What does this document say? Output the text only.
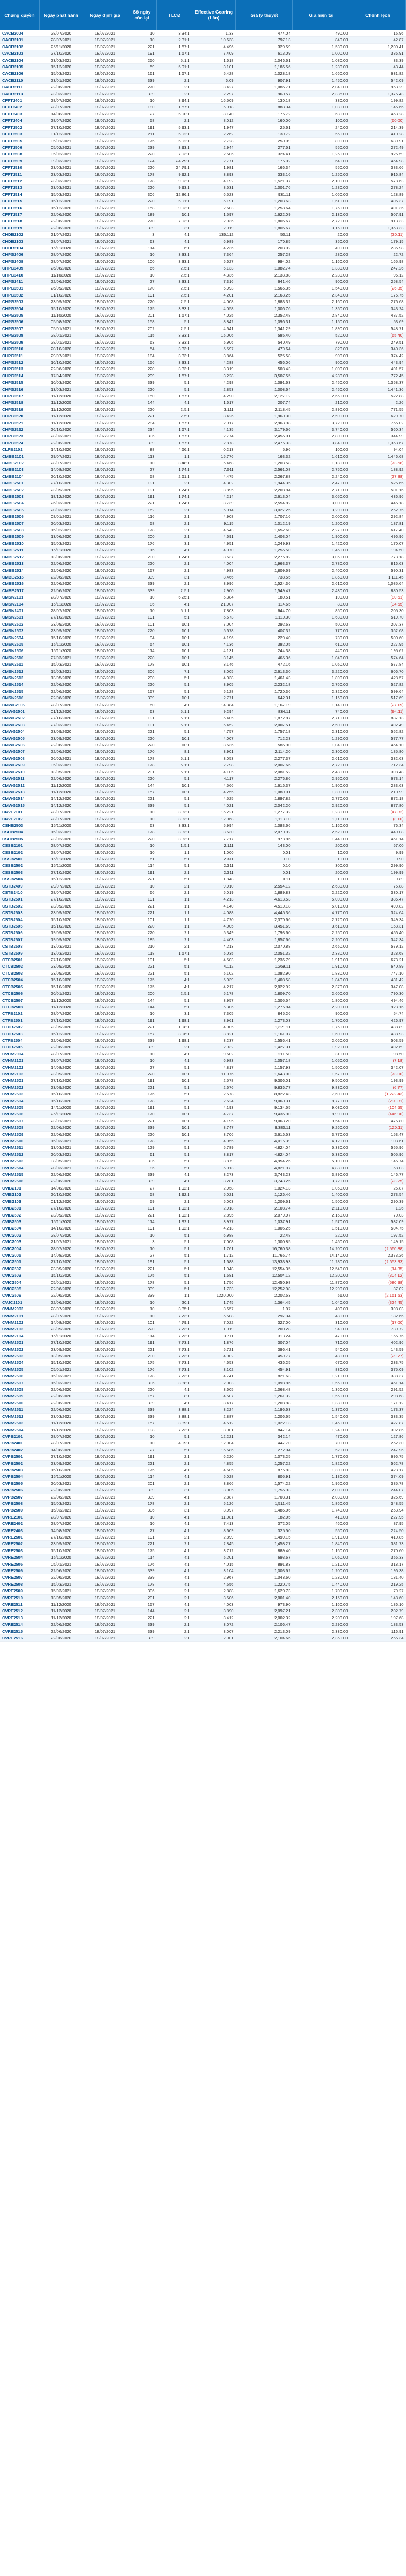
Chứng quyền	Ngày phát hành	Ngày định giá	Số ngày còn lại	TLCĐ	Effective Gearing (Lần)	Giá lý thuyết	Giá hiện tại	Chênh lệch
CACB2004	28/07/2020	18/07/2021	10	3.34:1	1.33	474.04	490.00	15.96
CACB2101	28/07/2021	18/07/2021	10	2.31:1	10.638	797.13	840.00	42.87
CACB2102	25/11/2020	18/07/2021	221	1.67:1	4.496	329.59	1,530.00	1,200.41
CACB2103	27/10/2020	18/07/2021	191	1.67:1	7.409	613.09	1,000.00	386.91
CACB2104	23/03/2021	18/07/2021	250	5.1:1	1.618	1,046.61	1,080.00	33.39
CACB2105	15/12/2020	18/07/2021	59	5.91:1	3.101	1,186.56	1,230.00	43.44
CACB2106	15/03/2021	18/07/2021	161	1.67:1	5.428	1,028.18	1,660.00	631.82
CACB2110	23/01/2020	18/07/2021	339	2:1	6.09	907.91	1,450.00	542.09
CACB2111	22/06/2020	18/07/2021	270	2:1	3.427	1,086.71	2,040.00	953.29
CACB2113	23/03/2021	18/07/2021	339	2:1	2.297	960.57	2,336.00	1,375.43
CFPT2401	28/07/2020	18/07/2021	10	3.94:1	16.509	130.18	330.00	199.82
CFPT2402	28/07/2020	18/07/2021	180	1.67:1	6.918	883.34	1,030.00	146.66
CFPT2403	14/08/2020	18/07/2021	27	5.90:1	8.140	176.72	630.00	453.28
CFPT2404	28/07/2020	18/07/2021	58	2:1	8.012	160.00	100.00	(60.00)
CFPT2502	27/10/2020	18/07/2021	191	5.93:1	1.947	25.61	240.00	214.39
CFPT2503	01/12/2020	18/07/2021	211	5.92:1	2.262	139.72	550.00	410.28
CFPT2505	05/01/2021	18/07/2021	175	5.92:1	2.728	250.09	890.00	639.91
CFPT2506	05/02/2021	18/07/2021	239	3.93:1	2.944	277.51	550.00	272.49
CFPT2508	05/02/2021	18/07/2021	220	7.93:1	2.506	324.41	1,250.00	925.59
CFPT2509	09/03/2021	18/07/2021	124	24.79:1	2.771	175.02	640.00	464.98
CFPT2510	23/03/2021	18/07/2021	220	24.79:1	1.981	166.34	550.00	383.66
CFPT2511	23/03/2021	18/07/2021	178	9.92:1	3.893	333.16	1,250.00	916.84
CFPT2512	23/03/2021	18/07/2021	178	9.93:1	4.192	1,521.37	2,100.00	578.63
CFPT2513	23/03/2021	18/07/2021	220	9.93:1	3.531	1,001.76	1,280.00	278.24
CFPT2514	15/03/2021	18/07/2021	306	12.86:1	6.523	931.11	1,060.00	128.89
CFPT2515	15/12/2020	18/07/2021	220	5.91:1	5.191	1,203.63	1,610.00	406.37
CFPT2516	15/12/2020	18/07/2021	158	9.93:1	2.603	1,258.64	1,750.00	491.36
CFPT2517	22/06/2020	18/07/2021	189	10:1	1.597	1,622.09	2,130.00	507.91
CFPT2518	22/06/2020	18/07/2021	270	7.93:1	2.036	1,806.67	2,720.00	913.33
CFPT2519	22/06/2020	18/07/2021	339	3:1	2.919	1,806.67	3,160.00	1,353.33
CHDB2102	21/07/2021	18/07/2021	3	4:1	136.112	50.11	20.00	(30.11)
CHDB2103	28/07/2021	18/07/2021	63	4:1	6.989	170.85	350.00	179.15
CHDB2104	15/11/2020	18/07/2021	114	6:1	4.236	203.02	490.00	286.98
CHPG2406	28/07/2020	18/07/2021	10	3.33:1	7.364	257.28	280.00	22.72
CHPG2408	28/07/2020	18/07/2021	100	3.33:1	5.627	994.02	1,160.00	165.98
CHPG2409	26/08/2020	18/07/2021	66	2.5:1	6.133	1,082.74	1,330.00	247.26
CHPG2410	11/10/2020	18/07/2021	10	2.5:1	4.336	2,133.88	2,230.00	96.12
CHPG2411	22/06/2020	18/07/2021	27	3.33:1	7.316	641.46	900.00	258.54
CHPG2501	26/09/2020	18/07/2021	170	2.5:1	6.993	1,566.35	1,540.00	(26.35)
CHPG2502	01/10/2020	18/07/2021	191	2.5:1	4.201	2,163.25	2,340.00	176.75
CHPG2503	23/09/2020	18/07/2021	220	2.5:1	4.008	1,883.32	2,160.00	276.68
CHPG2504	15/10/2020	18/07/2021	175	3.33:1	4.058	1,006.76	1,350.00	343.24
CHPG2505	11/10/2020	18/07/2021	201	1.67:1	4.025	2,352.48	2,840.00	487.52
CHPG2506	05/08/2020	18/07/2021	158	5:1	8.842	1,096.31	1,150.00	53.69
CHPG2507	05/01/2021	18/07/2021	202	2.5:1	4.641	1,341.29	1,890.00	548.71
CHPG2508	28/01/2021	18/07/2021	115	3.33:1	15.006	585.40	520.00	(65.40)
CHPG2509	28/01/2021	18/07/2021	63	3.33:1	5.906	540.49	790.00	249.51
CHPG2510	20/10/2020	18/07/2021	54	3.33:1	5.597	479.64	820.00	340.36
CHPG2511	29/07/2021	18/07/2021	184	3.33:1	3.864	525.58	900.00	374.42
CHPG2512	10/10/2020	18/07/2021	156	3.33:1	4.288	456.06	900.00	443.94
CHPG2513	22/06/2020	18/07/2021	220	3.33:1	3.319	508.43	1,000.00	491.57
CHPG2514	17/04/2020	18/07/2021	299	1.67:1	3.228	3,507.55	4,280.00	772.45
CHPG2515	10/03/2020	18/07/2021	339	5:1	4.298	1,091.63	2,450.00	1,358.37
CHPG2516	13/03/2021	18/07/2021	220	5:1	2.853	1,008.64	2,450.00	1,441.36
CHPG2517	11/12/2020	18/07/2021	150	1.67:1	4.290	2,127.12	2,650.00	522.88
CHPG2518	11/12/2020	18/07/2021	144	4:1	1.617	207.74	210.00	2.26
CHPG2519	11/12/2020	18/07/2021	220	2.5:1	3.111	2,118.45	2,890.00	771.55
CHPG2520	11/12/2020	18/07/2021	221	2.5:1	3.426	1,960.30	2,590.00	629.70
CHPG2521	11/12/2020	18/07/2021	284	1.67:1	2.917	2,963.98	3,720.00	756.02
CHPG2522	26/10/2020	18/07/2021	234	1.67:1	4.135	3,179.66	3,740.00	560.34
CHPG2523	28/03/2021	18/07/2021	306	1.67:1	2.774	2,455.01	2,800.00	344.99
CHPG2524	22/06/2020	18/07/2021	339	1.67:1	2.878	2,476.33	3,840.00	1,363.67
CLPB2102	14/10/2020	18/07/2021	88	4.66:1	0.213	5.96	100.00	94.04
CMBB2101	29/07/2021	18/07/2021	113	1:1	15.776	163.32	1,610.00	1,446.68
CMBB2102	28/07/2021	18/07/2021	10	3.48:1	6.468	1,203.58	1,130.00	(73.58)
CMBB2103	14/08/2020	18/07/2021	27	1.74:1	7.011	2,561.08	2,750.00	188.92
CMBB2104	20/10/2020	18/07/2021	58	2.61:1	4.475	2,267.88	2,240.00	(27.88)
CMBB2501	27/10/2020	18/07/2021	191	2:1	4.302	1,944.35	2,470.00	525.65
CMBB2502	23/09/2020	18/07/2021	191	1.74:1	3.895	2,208.84	2,710.00	501.16
CMBB2503	18/12/2020	18/07/2021	191	1.74:1	4.214	2,613.04	3,050.00	436.96
CMBB2504	26/03/2020	18/07/2021	221	1.74:1	3.739	2,554.82	3,000.00	445.18
CMBB2505	20/03/2021	18/07/2021	162	2:1	6.014	3,027.25	3,290.00	262.75
CMBB2506	08/01/2021	18/07/2021	116	2:1	4.908	1,707.16	2,000.00	292.84
CMBB2507	20/03/2021	18/07/2021	58	2:1	9.115	1,012.19	1,200.00	187.81
CMBB2508	15/02/2021	18/07/2021	178	2:1	4.543	1,652.60	2,270.00	617.40
CMBB2509	13/06/2020	18/07/2021	200	2:1	4.691	1,403.04	1,900.00	496.96
CMBB2510	15/03/2021	18/07/2021	176	3:1	4.951	1,249.93	1,420.00	170.07
CMBB2511	15/11/2020	18/07/2021	115	4:1	4.070	1,255.50	1,450.00	194.50
CMBB2512	13/06/2020	18/07/2021	200	1.74:1	3.637	2,276.82	3,050.00	773.18
CMBB2513	22/06/2020	18/07/2021	220	2:1	4.004	1,963.37	2,780.00	816.63
CMBB2514	22/06/2020	18/07/2021	157	2:1	4.983	1,809.69	2,400.00	590.31
CMBB2515	22/06/2020	18/07/2021	339	3:1	3.466	738.55	1,850.00	1,111.45
CMBB2516	22/06/2020	18/07/2021	339	2:1	3.996	1,524.36	2,610.00	1,085.64
CMBB2517	22/06/2020	18/07/2021	339	2.5:1	2.900	1,549.47	2,430.00	880.53
CMSN2101	28/07/2020	18/07/2021	10	6.25:1	5.384	180.51	100.00	(80.51)
CMSN2104	15/11/2020	18/07/2021	86	4:1	21.907	114.65	80.00	(34.65)
CMSN2401	28/07/2020	18/07/2021	10	5.1:1	7.803	644.70	850.00	205.30
CMSN2501	27/10/2020	18/07/2021	191	5:1	5.673	1,110.30	1,630.00	519.70
CMSN2502	23/09/2020	18/07/2021	101	10:1	7.004	292.63	500.00	207.37
CMSN2503	23/09/2020	18/07/2021	220	10:1	5.678	407.32	770.00	362.68
CMSN2504	15/10/2020	18/07/2021	94	10:1	4.196	229.40	730.00	500.60
CMSN2505	15/11/2020	18/07/2021	54	10:1	4.136	382.05	610.00	227.95
CMSN2506	15/11/2020	18/07/2021	114	10:1	4.131	244.38	440.00	195.62
CMSN2510	27/03/2021	18/07/2021	220	10:1	3.145	465.36	1,040.00	574.64
CMSN2511	15/03/2021	18/07/2021	178	10:1	3.146	472.16	1,050.00	577.84
CMSN2512	15/03/2021	18/07/2021	306	7:1	3.005	2,613.30	3,220.00	606.70
CMSN2513	13/05/2020	18/07/2021	200	5:1	4.038	1,461.43	1,890.00	428.57
CMSN2514	22/06/2020	18/07/2021	220	5:1	3.905	2,232.18	2,760.00	527.82
CMSN2515	22/06/2020	18/07/2021	157	5:1	5.128	1,720.36	2,320.00	599.64
CMSN2516	22/06/2020	18/07/2021	339	10:1	2.771	642.31	1,160.00	517.69
CMWG2105	28/07/2020	18/07/2021	60	4:1	14.384	1,167.19	1,140.00	(27.19)
CMWG2501	01/12/2020	18/07/2021	63	5.1:1	9.294	834.11	740.00	(94.11)
CMWG2502	27/10/2020	18/07/2021	191	5.1:1	5.405	1,872.87	2,710.00	837.13
CMWG2503	27/03/2021	18/07/2021	101	5.1:1	6.452	2,007.51	2,500.00	492.49
CMWG2504	23/09/2020	18/07/2021	221	5:1	4.757	1,757.18	2,310.00	552.82
CMWG2505	23/09/2020	18/07/2021	220	10:1	4.007	712.23	1,290.00	577.77
CMWG2506	22/06/2020	18/07/2021	220	10:1	3.636	585.90	1,040.00	454.10
CMWG2507	22/06/2020	18/07/2021	170	8:1	3.901	2,114.20	2,300.00	185.80
CMWG2508	26/02/2021	18/07/2021	178	5.1:1	3.053	2,277.37	2,610.00	332.63
CMWG2509	05/03/2021	18/07/2021	178	5.1:1	2.798	2,007.66	2,720.00	712.34
CMWG2510	13/05/2020	18/07/2021	201	5.1:1	4.105	2,081.52	2,480.00	398.48
CMWG2511	22/06/2020	18/07/2021	220	5:1	4.117	2,276.86	2,950.00	673.14
CMWG2512	11/12/2020	18/07/2021	144	10:1	4.566	1,616.37	1,900.00	283.63
CMWG2513	11/12/2020	18/07/2021	157	10:1	4.255	1,089.01	1,300.00	210.99
CMWG2514	14/12/2020	18/07/2021	221	5:1	4.525	1,897.82	2,770.00	872.18
CMWG2515	14/12/2020	18/07/2021	339	5:1	4.021	2,042.20	2,920.00	877.80
CNVL2101	28/07/2020	18/07/2021	10	3.33:1	15.221	1,277.32	1,230.00	(47.32)
CNVL2102	28/07/2020	18/07/2021	10	3.33:1	12.068	1,113.10	1,110.00	(3.10)
CSHB2503	15/11/2020	18/07/2021	63	3.33:1	5.994	1,083.66	1,160.00	76.34
CSHB2504	15/03/2021	18/07/2021	178	3.33:1	3.630	2,070.92	2,520.00	449.08
CSHB2505	23/02/2020	18/07/2021	220	3.33:1	7.717	978.86	1,440.00	461.14
CSSB2101	28/07/2020	18/07/2021	10	1.5:1	2.111	143.00	200.00	57.00
CSSB2102	28/07/2020	18/07/2021	10	1:1	1.000	0.01	10.00	9.99
CSSB2501	15/11/2020	18/07/2021	61	5:1	2.311	0.10	10.00	9.90
CSSB2502	15/11/2020	18/07/2021	114	5:1	2.311	0.10	300.00	299.90
CSSB2503	27/10/2020	18/07/2021	191	2:1	2.311	0.01	200.00	199.99
CSSB2504	15/12/2020	18/07/2021	221	5:1	1.848	0.11	10.00	9.89
CSTB2409	29/07/2020	18/07/2021	10	2:1	9.910	2,554.12	2,630.00	75.88
CSTB2410	28/07/2020	18/07/2021	66	2:1	5.019	1,889.83	2,220.00	330.17
CSTB2501	27/10/2020	18/07/2021	191	1:1	4.213	4,613.53	5,000.00	386.47
CSTB2502	23/09/2020	18/07/2021	221	1:1	4.140	4,510.18	5,010.00	499.82
CSTB2503	23/09/2020	18/07/2021	221	1:1	4.088	4,445.36	4,770.00	324.64
CSTB2504	15/10/2020	18/07/2021	101	1:1	4.720	2,370.66	2,720.00	349.34
CSTB2505	15/10/2020	18/07/2021	220	1:1	4.005	3,451.69	3,610.00	158.31
CSTB2506	19/09/2020	18/07/2021	220	2:1	5.349	1,793.60	2,250.00	456.40
CSTB2507	19/09/2020	18/07/2021	185	2:1	4.403	1,857.66	2,200.00	342.34
CSTB2508	13/03/2021	18/07/2021	210	2:1	4.213	2,070.88	2,650.00	579.12
CSTB2509	13/03/2021	18/07/2021	118	1.67:1	5.035	2,051.32	2,380.00	328.68
CTCB2501	27/10/2020	18/07/2021	191	5:1	4.503	1,236.79	1,910.00	673.21
CTCB2502	23/09/2020	18/07/2021	221	5:1	4.112	1,269.11	1,910.00	640.89
CTCB2503	23/09/2020	18/07/2021	221	5:1	5.102	1,082.90	1,830.00	747.10
CTCB2504	15/10/2020	18/07/2021	175	4:1	5.039	1,408.58	1,840.00	431.42
CTCB2505	15/10/2020	18/07/2021	175	4:1	4.217	2,022.92	2,370.00	347.08
CTCB2506	20/01/2021	18/07/2021	200	2.5:1	5.178	1,809.70	2,600.00	790.30
CTCB2507	11/12/2020	18/07/2021	144	5:1	3.957	1,305.54	1,800.00	494.46
CTCB2508	11/12/2020	18/07/2021	144	5:1	6.306	1,276.84	2,200.00	923.16
CTPB2102	28/07/2020	18/07/2021	10	3:1	7.305	845.26	900.00	54.74
CTPB2501	27/10/2020	18/07/2021	191	1.98:1	3.961	1,273.03	1,700.00	426.97
CTPB2502	23/09/2020	18/07/2021	221	1.98:1	4.005	1,321.11	1,760.00	438.89
CTPB2503	15/12/2020	18/07/2021	157	3.96:1	3.821	1,161.07	1,600.00	438.93
CTPB2504	22/06/2020	18/07/2021	339	1.98:1	3.237	1,556.41	2,060.00	503.59
CTPB2505	22/06/2020	18/07/2021	339	2:1	2.932	1,427.31	1,920.00	492.69
CVHM2004	28/07/2020	18/07/2021	10	4:1	9.602	211.50	310.00	98.50
CVHM2101	28/07/2020	18/07/2021	10	4:1	6.983	1,057.18	1,050.00	(7.18)
CVHM2102	14/08/2020	18/07/2021	27	5:1	4.817	1,157.93	1,500.00	342.07
CVHM2103	23/09/2020	18/07/2021	220	10:1	11.076	1,643.00	1,570.00	(73.00)
CVHM2501	27/10/2020	18/07/2021	191	10:1	2.578	9,306.01	9,500.00	193.99
CVHM2502	23/09/2020	18/07/2021	221	5:1	2.676	9,836.77	9,830.00	(6.77)
CVHM2503	15/10/2020	18/07/2021	176	5:1	2.578	8,822.43	7,600.00	(1,222.43)
CVHM2504	15/10/2020	18/07/2021	178	5:1	2.624	9,060.31	8,770.00	(290.31)
CVHM2505	14/11/2020	18/07/2021	191	5:1	4.193	9,134.55	9,030.00	(104.55)
CVHM2506	25/11/2020	18/07/2021	170	10:1	4.737	9,436.90	8,990.00	(446.90)
CVHM2507	23/01/2021	18/07/2021	221	10:1	4.195	9,063.20	9,540.00	476.80
CVHM2508	22/06/2020	18/07/2021	339	10:1	3.747	9,380.11	9,260.00	(120.11)
CVHM2509	22/06/2020	18/07/2021	220	10:1	3.706	3,616.53	3,770.00	153.47
CVHM2510	15/03/2021	18/07/2021	178	5:1	4.055	4,016.39	4,120.00	103.61
CVHM2511	13/03/2021	18/07/2021	129	5:1	5.789	4,824.04	5,380.00	555.96
CVHM2512	20/03/2021	18/07/2021	61	5:1	3.817	4,824.04	5,330.00	505.96
CVHM2513	08/05/2021	18/07/2021	306	5:1	3.879	4,954.26	5,100.00	145.74
CVHM2514	20/03/2021	18/07/2021	86	5:1	5.013	4,821.97	4,880.00	58.03
CVHM2515	22/06/2020	18/07/2021	339	4:1	3.273	3,743.23	3,890.00	146.77
CVHM2516	22/06/2020	18/07/2021	339	4:1	3.281	3,743.25	3,720.00	(23.25)
CVIB2101	14/08/2020	18/07/2021	27	1.92:1	2.958	1,024.13	1,050.00	25.87
CVIB2102	20/10/2020	18/07/2021	58	1.92:1	5.021	1,126.46	1,400.00	273.54
CVIB2103	01/12/2020	18/07/2021	59	2:1	5.003	1,209.61	1,500.00	290.39
CVIB2501	27/10/2020	18/07/2021	191	1.92:1	2.918	2,108.74	2,110.00	1.26
CVIB2502	23/09/2020	18/07/2021	221	1.92:1	2.895	2,079.97	2,150.00	70.03
CVIB2503	15/11/2020	18/07/2021	114	1.92:1	3.977	1,037.91	1,570.00	532.09
CVIB2504	14/10/2020	18/07/2021	191	1.92:1	4.213	1,005.25	1,510.00	504.75
CVIC2002	28/07/2020	18/07/2021	10	5:1	6.988	22.48	220.00	197.52
CVIC2003	21/07/2021	18/07/2021	3	5:1	7.008	1,300.85	1,450.00	149.15
CVIC2004	28/07/2020	18/07/2021	10	5:1	1.761	16,760.38	14,200.00	(2,560.38)
CVIC2005	14/08/2020	18/07/2021	27	5:1	1.712	11,766.74	14,140.00	2,373.26
CVIC2501	27/10/2020	18/07/2021	191	5:1	1.688	13,933.93	11,280.00	(2,653.93)
CVIC2502	23/09/2020	18/07/2021	221	5:1	1.948	12,554.35	12,540.00	(14.35)
CVIC2503	15/10/2020	18/07/2021	175	5:1	1.681	12,504.12	12,200.00	(304.12)
CVIC2504	05/01/2021	18/07/2021	178	5:1	1.756	12,450.98	11,870.00	(580.98)
CVIC2505	22/06/2020	18/07/2021	339	5:1	1.733	12,252.98	12,290.00	37.02
CVIC2506	22/06/2020	18/07/2021	339	1:1	1220.000	2,202.53	51.00	(2,151.53)
CVJC2101	22/06/2020	18/07/2021	10	20:1	1.745	1,364.45	1,040.00	(324.45)
CVNM2003	28/07/2020	18/07/2021	10	3.85:1	3.657	1.97	400.00	398.03
CVNM2101	28/07/2020	18/07/2021	10	7.73:1	5.508	297.34	480.00	182.66
CVNM2102	14/08/2020	18/07/2021	101	4.79:1	7.022	327.00	310.00	(17.00)
CVNM2103	23/09/2020	18/07/2021	220	7.73:1	1.919	200.28	940.00	739.72
CVNM2104	15/11/2020	18/07/2021	114	7.73:1	3.711	313.24	470.00	156.76
CVNM2501	27/10/2020	18/07/2021	191	7.73:1	1.876	307.04	710.00	402.96
CVNM2502	23/09/2020	18/07/2021	221	7.73:1	5.721	396.41	540.00	143.59
CVNM2503	13/05/2020	18/07/2021	200	7.73:1	4.002	459.77	430.00	(29.77)
CVNM2504	15/10/2020	18/07/2021	175	7.73:1	4.653	436.25	670.00	233.75
CVNM2505	05/01/2021	18/07/2021	176	7.73:1	3.102	454.91	830.00	375.09
CVNM2506	15/03/2021	18/07/2021	178	7.73:1	4.741	821.63	1,210.00	388.37
CVNM2507	15/03/2021	18/07/2021	306	3.88:1	2.903	1,098.86	1,560.00	461.14
CVNM2508	22/06/2020	18/07/2021	220	4:1	3.605	1,068.48	1,360.00	291.52
CVNM2509	22/06/2020	18/07/2021	157	8:1	4.507	1,261.32	1,560.00	298.68
CVNM2510	22/06/2020	18/07/2021	339	4:1	3.417	1,208.88	1,380.00	171.12
CVNM2511	22/06/2020	18/07/2021	339	3.88:1	3.224	1,196.63	1,370.00	173.37
CVNM2512	23/03/2021	18/07/2021	339	3.88:1	2.887	1,206.65	1,540.00	333.35
CVNM2513	11/12/2020	18/07/2021	157	3.89:1	4.512	1,022.13	1,450.00	427.87
CVNM2514	11/12/2020	18/07/2021	198	7.73:1	3.901	847.14	1,240.00	392.86
CVPB2101	28/07/2020	18/07/2021	10	5:1	12.221	342.14	470.00	127.86
CVPB2401	28/07/2020	18/07/2021	10	4.09:1	12.004	447.70	700.00	252.30
CVPB2402	14/08/2020	18/07/2021	27	5:1	15.686	272.04	520.00	247.96
CVPB2501	27/10/2020	18/07/2021	191	2:1	6.220	1,073.25	1,770.00	696.75
CVPB2502	23/09/2020	18/07/2021	221	2:1	4.855	1,257.22	1,820.00	562.78
CVPB2503	15/10/2020	18/07/2021	175	4:1	4.605	876.83	1,300.00	423.17
CVPB2504	15/11/2020	18/07/2021	114	4:1	5.028	805.91	1,180.00	374.09
CVPB2505	20/03/2021	18/07/2021	201	2:1	3.866	1,574.22	1,960.00	385.78
CVPB2506	22/06/2020	18/07/2021	339	3:1	3.005	1,755.93	2,000.00	244.07
CVPB2507	22/06/2020	18/07/2021	339	4:1	2.887	1,703.31	2,030.00	326.69
CVPB2508	15/03/2021	18/07/2021	178	2:1	5.126	1,511.45	1,860.00	348.55
CVPB2509	15/03/2021	18/07/2021	306	3:1	3.097	1,486.06	1,740.00	253.94
CVRE2101	28/07/2020	18/07/2021	10	4:1	11.081	182.05	410.00	227.95
CVRE2402	28/07/2020	18/07/2021	10	4:1	7.413	372.05	460.00	87.95
CVRE2403	14/08/2020	18/07/2021	27	4:1	8.609	325.50	550.00	224.50
CVRE2501	27/10/2020	18/07/2021	191	2:1	2.899	1,499.15	1,910.00	410.85
CVRE2502	23/09/2020	18/07/2021	221	2:1	2.845	1,458.27	1,840.00	381.73
CVRE2503	15/10/2020	18/07/2021	175	4:1	3.712	889.40	1,160.00	270.60
CVRE2504	15/11/2020	18/07/2021	114	4:1	5.201	693.67	1,050.00	356.33
CVRE2505	05/01/2021	18/07/2021	176	4:1	4.015	891.83	1,210.00	318.17
CVRE2506	22/06/2020	18/07/2021	339	4:1	3.104	1,003.62	1,200.00	196.38
CVRE2507	22/06/2020	18/07/2021	339	4:1	2.967	1,048.60	1,230.00	181.40
CVRE2508	15/03/2021	18/07/2021	178	4:1	4.556	1,220.75	1,440.00	219.25
CVRE2509	15/03/2021	18/07/2021	306	2:1	2.888	1,620.73	1,700.00	79.27
CVRE2510	13/05/2020	18/07/2021	201	2:1	3.506	2,001.40	2,150.00	148.60
CVRE2511	11/12/2020	18/07/2021	157	4:1	4.003	973.90	1,160.00	186.10
CVRE2512	11/12/2020	18/07/2021	144	2:1	3.890	2,097.21	2,300.00	202.79
CVRE2513	11/12/2020	18/07/2021	221	2:1	3.412	2,002.32	2,200.00	197.68
CVRE2514	22/06/2020	18/07/2021	339	2:1	3.072	2,106.47	2,290.00	183.53
CVRE2515	22/06/2020	18/07/2021	339	2:1	3.007	2,213.09	2,330.00	116.91
CVRE2516	22/06/2020	18/07/2021	339	2:1	2.901	2,104.66	2,360.00	255.34
